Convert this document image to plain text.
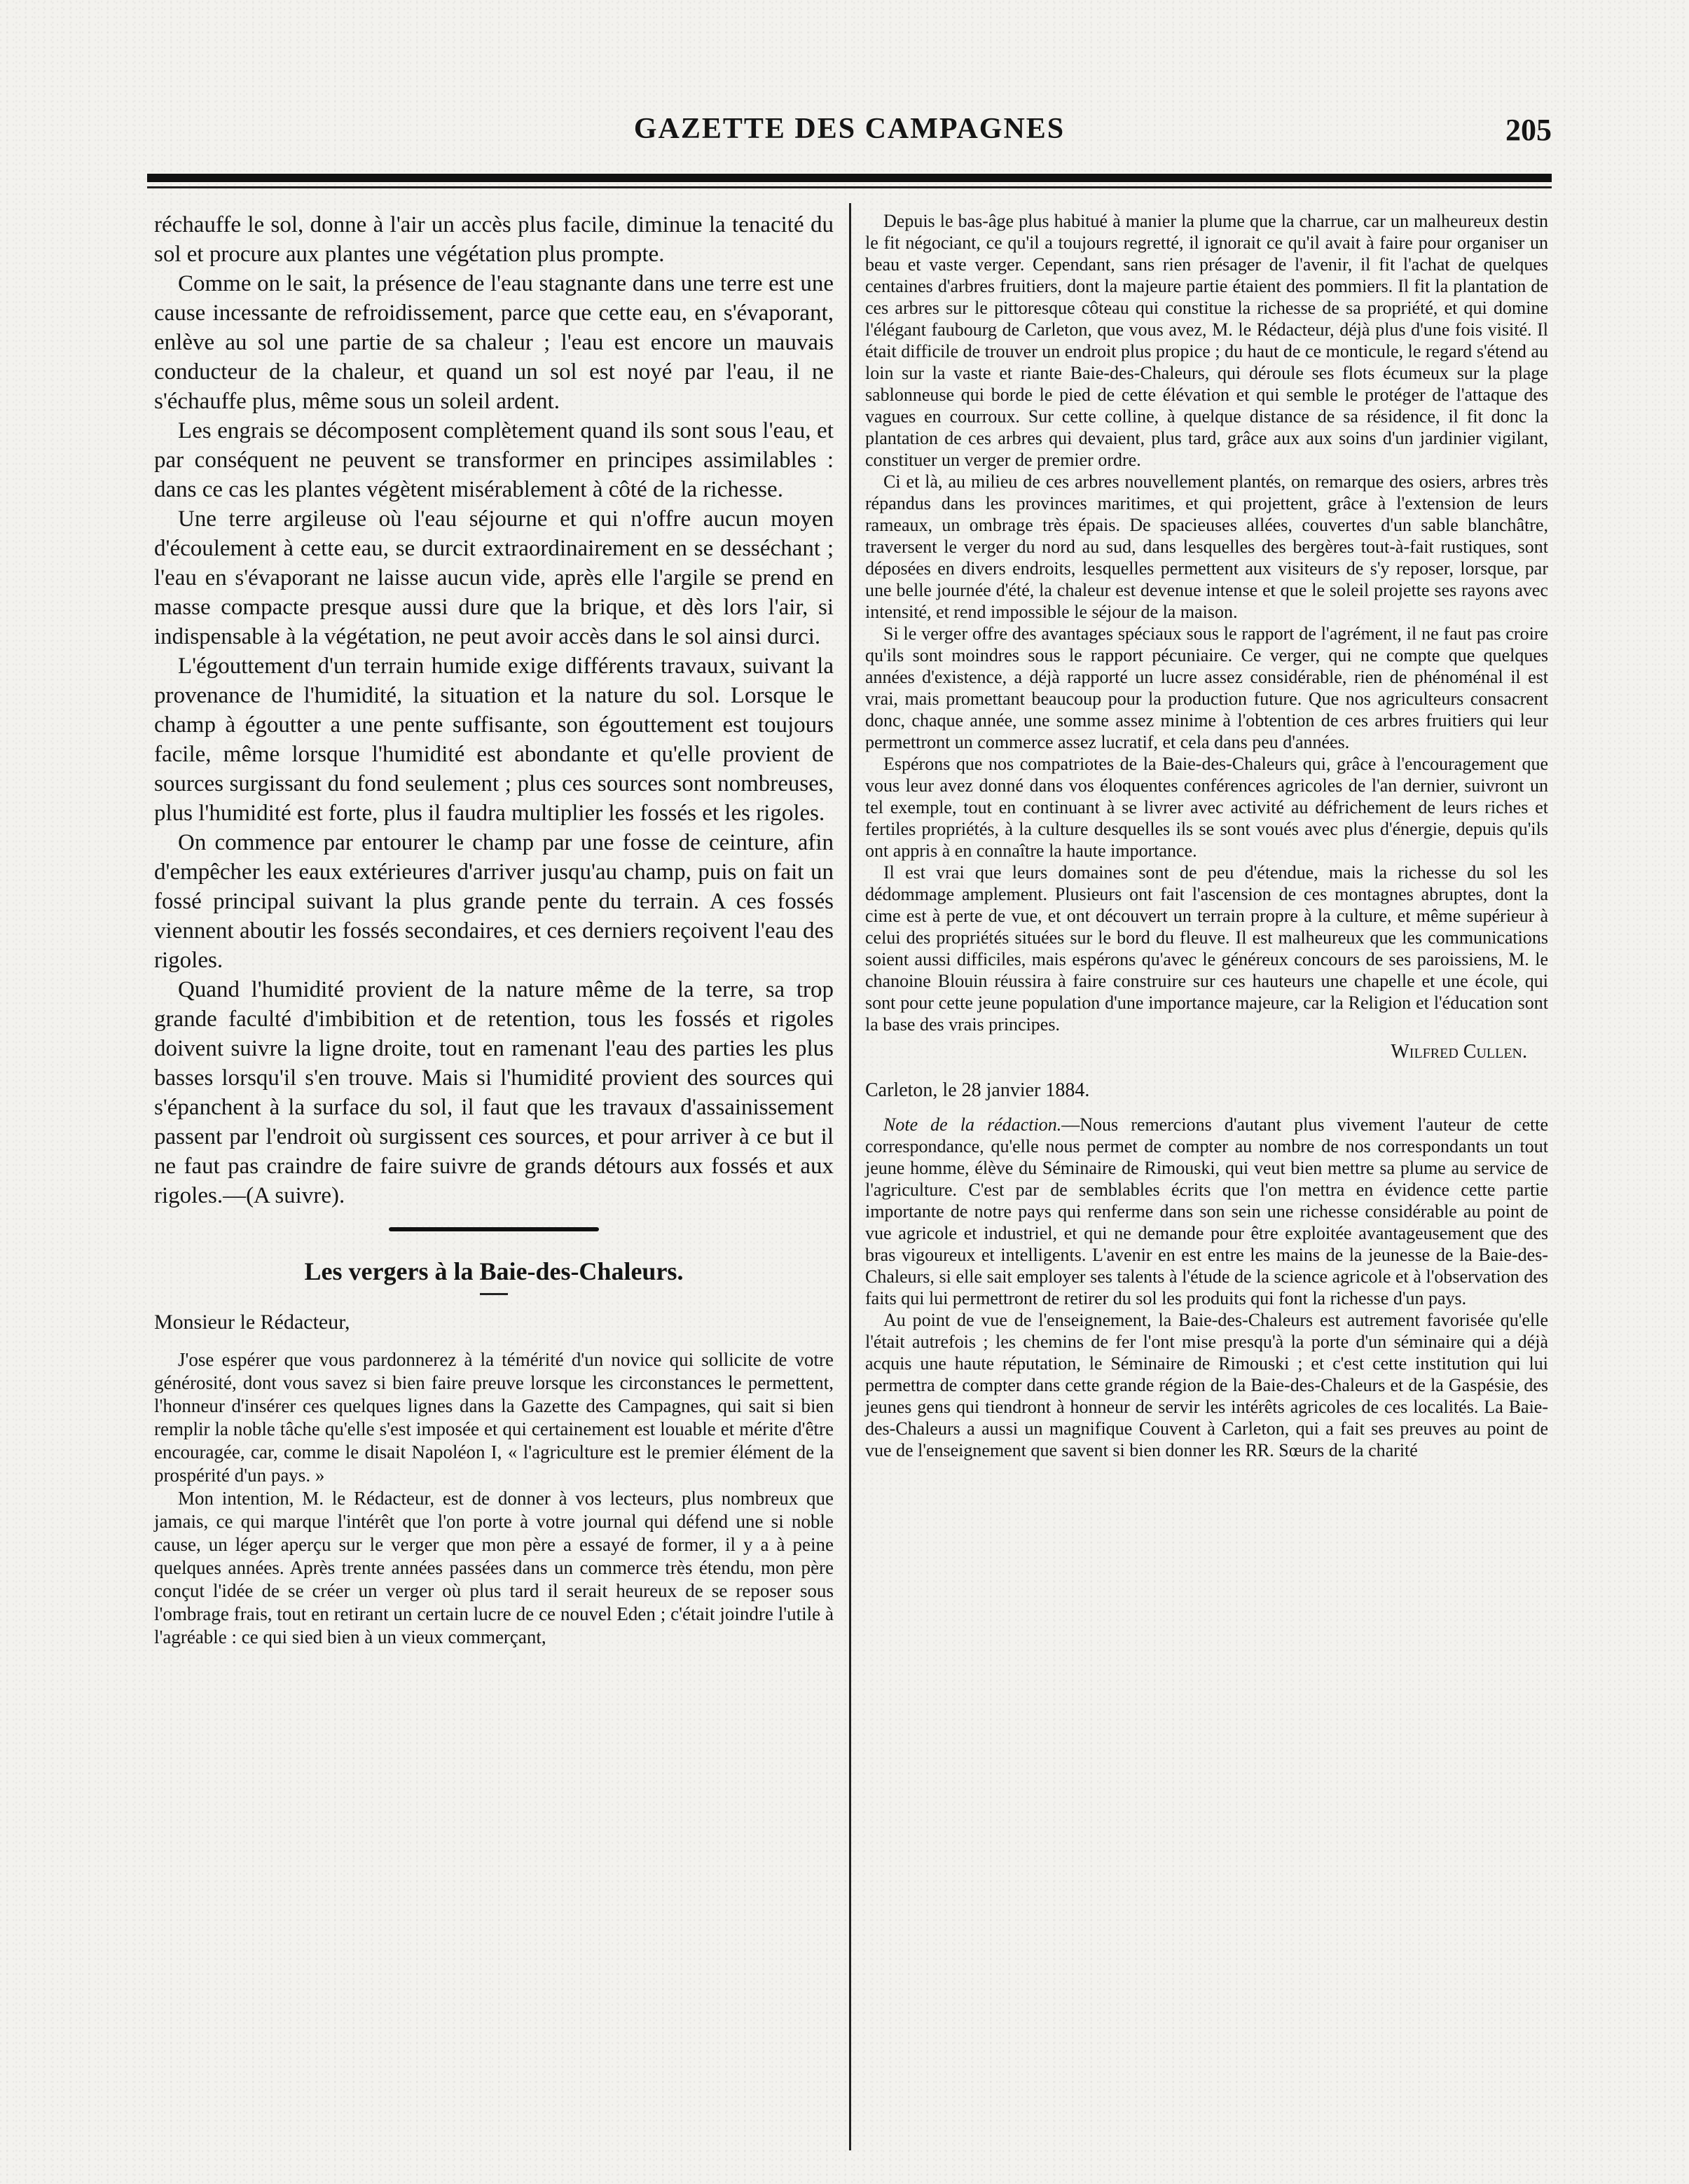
GAZETTE DES CAMPAGNES	205

réchauffe le sol, donne à l'air un accès plus facile, diminue la tenacité du sol et procure aux plantes une végétation plus prompte.

Comme on le sait, la présence de l'eau stagnante dans une terre est une cause incessante de refroidissement, parce que cette eau, en s'évaporant, enlève au sol une partie de sa chaleur ; l'eau est encore un mauvais conducteur de la chaleur, et quand un sol est noyé par l'eau, il ne s'échauffe plus, même sous un soleil ardent.

Les engrais se décomposent complètement quand ils sont sous l'eau, et par conséquent ne peuvent se transformer en principes assimilables : dans ce cas les plantes végètent misérablement à côté de la richesse.

Une terre argileuse où l'eau séjourne et qui n'offre aucun moyen d'écoulement à cette eau, se durcit extraordinairement en se desséchant ; l'eau en s'évaporant ne laisse aucun vide, après elle l'argile se prend en masse compacte presque aussi dure que la brique, et dès lors l'air, si indispensable à la végétation, ne peut avoir accès dans le sol ainsi durci.

L'égouttement d'un terrain humide exige différents travaux, suivant la provenance de l'humidité, la situation et la nature du sol. Lorsque le champ à égoutter a une pente suffisante, son égouttement est toujours facile, même lorsque l'humidité est abondante et qu'elle provient de sources surgissant du fond seulement ; plus ces sources sont nombreuses, plus l'humidité est forte, plus il faudra multiplier les fossés et les rigoles.

On commence par entourer le champ par une fosse de ceinture, afin d'empêcher les eaux extérieures d'arriver jusqu'au champ, puis on fait un fossé principal suivant la plus grande pente du terrain. A ces fossés viennent aboutir les fossés secondaires, et ces derniers reçoivent l'eau des rigoles.

Quand l'humidité provient de la nature même de la terre, sa trop grande faculté d'imbibition et de retention, tous les fossés et rigoles doivent suivre la ligne droite, tout en ramenant l'eau des parties les plus basses lorsqu'il s'en trouve. Mais si l'humidité provient des sources qui s'épanchent à la surface du sol, il faut que les travaux d'assainissement passent par l'endroit où surgissent ces sources, et pour arriver à ce but il ne faut pas craindre de faire suivre de grands détours aux fossés et aux rigoles.—(A suivre).

Les vergers à la Baie-des-Chaleurs.

Monsieur le Rédacteur,

J'ose espérer que vous pardonnerez à la témérité d'un novice qui sollicite de votre générosité, dont vous savez si bien faire preuve lorsque les circonstances le permettent, l'honneur d'insérer ces quelques lignes dans la Gazette des Campagnes, qui sait si bien remplir la noble tâche qu'elle s'est imposée et qui certainement est louable et mérite d'être encouragée, car, comme le disait Napoléon I, « l'agriculture est le premier élément de la prospérité d'un pays. »

Mon intention, M. le Rédacteur, est de donner à vos lecteurs, plus nombreux que jamais, ce qui marque l'intérêt que l'on porte à votre journal qui défend une si noble cause, un léger aperçu sur le verger que mon père a essayé de former, il y a à peine quelques années. Après trente années passées dans un commerce très étendu, mon père conçut l'idée de se créer un verger où plus tard il serait heureux de se reposer sous l'ombrage frais, tout en retirant un certain lucre de ce nouvel Eden ; c'était joindre l'utile à l'agréable : ce qui sied bien à un vieux commerçant,

Depuis le bas-âge plus habitué à manier la plume que la charrue, car un malheureux destin le fit négociant, ce qu'il a toujours regretté, il ignorait ce qu'il avait à faire pour organiser un beau et vaste verger. Cependant, sans rien présager de l'avenir, il fit l'achat de quelques centaines d'arbres fruitiers, dont la majeure partie étaient des pommiers. Il fit la plantation de ces arbres sur le pittoresque côteau qui constitue la richesse de sa propriété, et qui domine l'élégant faubourg de Carleton, que vous avez, M. le Rédacteur, déjà plus d'une fois visité. Il était difficile de trouver un endroit plus propice ; du haut de ce monticule, le regard s'étend au loin sur la vaste et riante Baie-des-Chaleurs, qui déroule ses flots écumeux sur la plage sablonneuse qui borde le pied de cette élévation et qui semble le protéger de l'attaque des vagues en courroux. Sur cette colline, à quelque distance de sa résidence, il fit donc la plantation de ces arbres qui devaient, plus tard, grâce aux aux soins d'un jardinier vigilant, constituer un verger de premier ordre.

Ci et là, au milieu de ces arbres nouvellement plantés, on remarque des osiers, arbres très répandus dans les provinces maritimes, et qui projettent, grâce à l'extension de leurs rameaux, un ombrage très épais. De spacieuses allées, couvertes d'un sable blanchâtre, traversent le verger du nord au sud, dans lesquelles des bergères tout-à-fait rustiques, sont déposées en divers endroits, lesquelles permettent aux visiteurs de s'y reposer, lorsque, par une belle journée d'été, la chaleur est devenue intense et que le soleil projette ses rayons avec intensité, et rend impossible le séjour de la maison.

Si le verger offre des avantages spéciaux sous le rapport de l'agrément, il ne faut pas croire qu'ils sont moindres sous le rapport pécuniaire. Ce verger, qui ne compte que quelques années d'existence, a déjà rapporté un lucre assez considérable, rien de phénoménal il est vrai, mais promettant beaucoup pour la production future. Que nos agriculteurs consacrent donc, chaque année, une somme assez minime à l'obtention de ces arbres fruitiers qui leur permettront un commerce assez lucratif, et cela dans peu d'années.

Espérons que nos compatriotes de la Baie-des-Chaleurs qui, grâce à l'encouragement que vous leur avez donné dans vos éloquentes conférences agricoles de l'an dernier, suivront un tel exemple, tout en continuant à se livrer avec activité au défrichement de leurs riches et fertiles propriétés, à la culture desquelles ils se sont voués avec plus d'énergie, depuis qu'ils ont appris à en connaître la haute importance.

Il est vrai que leurs domaines sont de peu d'étendue, mais la richesse du sol les dédommage amplement. Plusieurs ont fait l'ascension de ces montagnes abruptes, dont la cime est à perte de vue, et ont découvert un terrain propre à la culture, et même supérieur à celui des propriétés situées sur le bord du fleuve. Il est malheureux que les communications soient aussi difficiles, mais espérons qu'avec le généreux concours de ses paroissiens, M. le chanoine Blouin réussira à faire construire sur ces hauteurs une chapelle et une école, qui sont pour cette jeune population d'une importance majeure, car la Religion et l'éducation sont la base des vrais principes.

Wilfred Cullen.

Carleton, le 28 janvier 1884.

Note de la rédaction.—Nous remercions d'autant plus vivement l'auteur de cette correspondance, qu'elle nous permet de compter au nombre de nos correspondants un tout jeune homme, élève du Séminaire de Rimouski, qui veut bien mettre sa plume au service de l'agriculture. C'est par de semblables écrits que l'on mettra en évidence cette partie importante de notre pays qui renferme dans son sein une richesse considérable au point de vue agricole et industriel, et qui ne demande pour être exploitée avantageusement que des bras vigoureux et intelligents. L'avenir en est entre les mains de la jeunesse de la Baie-des-Chaleurs, si elle sait employer ses talents à l'étude de la science agricole et à l'observation des faits qui lui permettront de retirer du sol les produits qui font la richesse d'un pays.

Au point de vue de l'enseignement, la Baie-des-Chaleurs est autrement favorisée qu'elle l'était autrefois ; les chemins de fer l'ont mise presqu'à la porte d'un séminaire qui a déjà acquis une haute réputation, le Séminaire de Rimouski ; et c'est cette institution qui lui permettra de compter dans cette grande région de la Baie-des-Chaleurs et de la Gaspésie, des jeunes gens qui tiendront à honneur de servir les intérêts agricoles de ces localités. La Baie-des-Chaleurs a aussi un magnifique Couvent à Carleton, qui a fait ses preuves au point de vue de l'enseignement que savent si bien donner les RR. Sœurs de la charité
